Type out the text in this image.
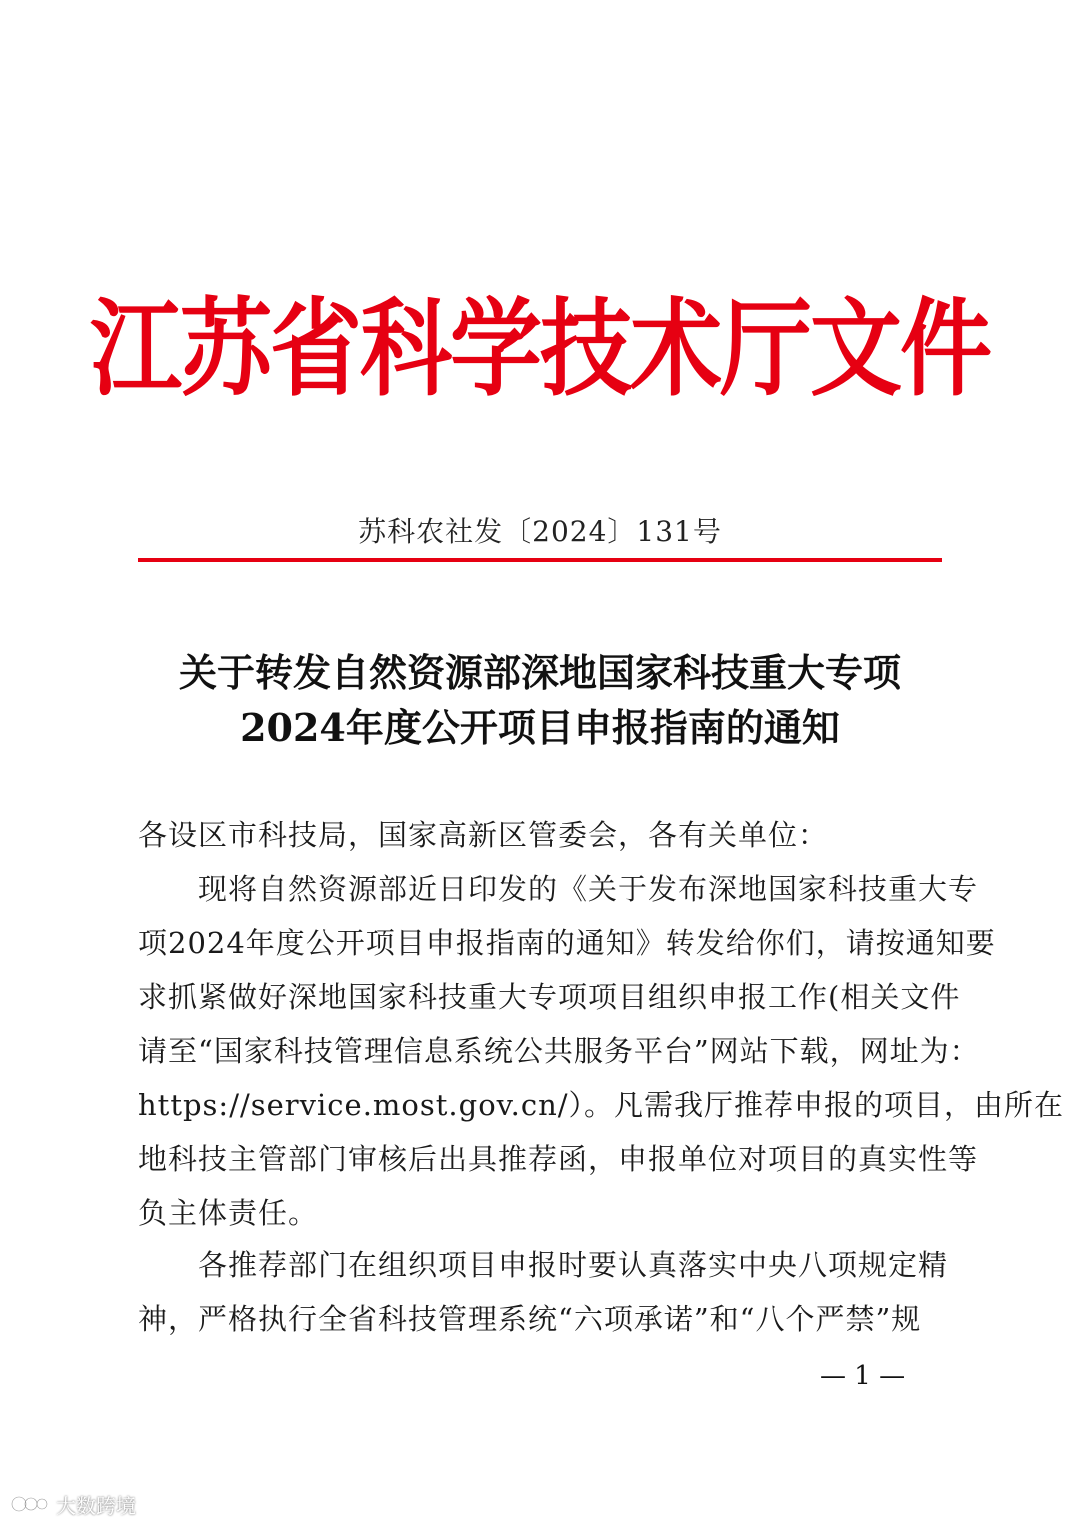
江苏省科学技术厅文件
苏科农社发〔2024〕131号
关于转发自然资源部深地国家科技重大专项
2024年度公开项目申报指南的通知
各设区市科技局，国家高新区管委会，各有关单位：
现将自然资源部近日印发的《关于发布深地国家科技重大专
项2024年度公开项目申报指南的通知》转发给你们，请按通知要
求抓紧做好深地国家科技重大专项项目组织申报工作(相关文件
请至“国家科技管理信息系统公共服务平台”网站下载，网址为：
https://service.most.gov.cn/）。凡需我厅推荐申报的项目，由所在
地科技主管部门审核后出具推荐函，申报单位对项目的真实性等
负主体责任。
各推荐部门在组织项目申报时要认真落实中央八项规定精
神，严格执行全省科技管理系统“六项承诺”和“八个严禁”规
— 1 —
大数跨境
